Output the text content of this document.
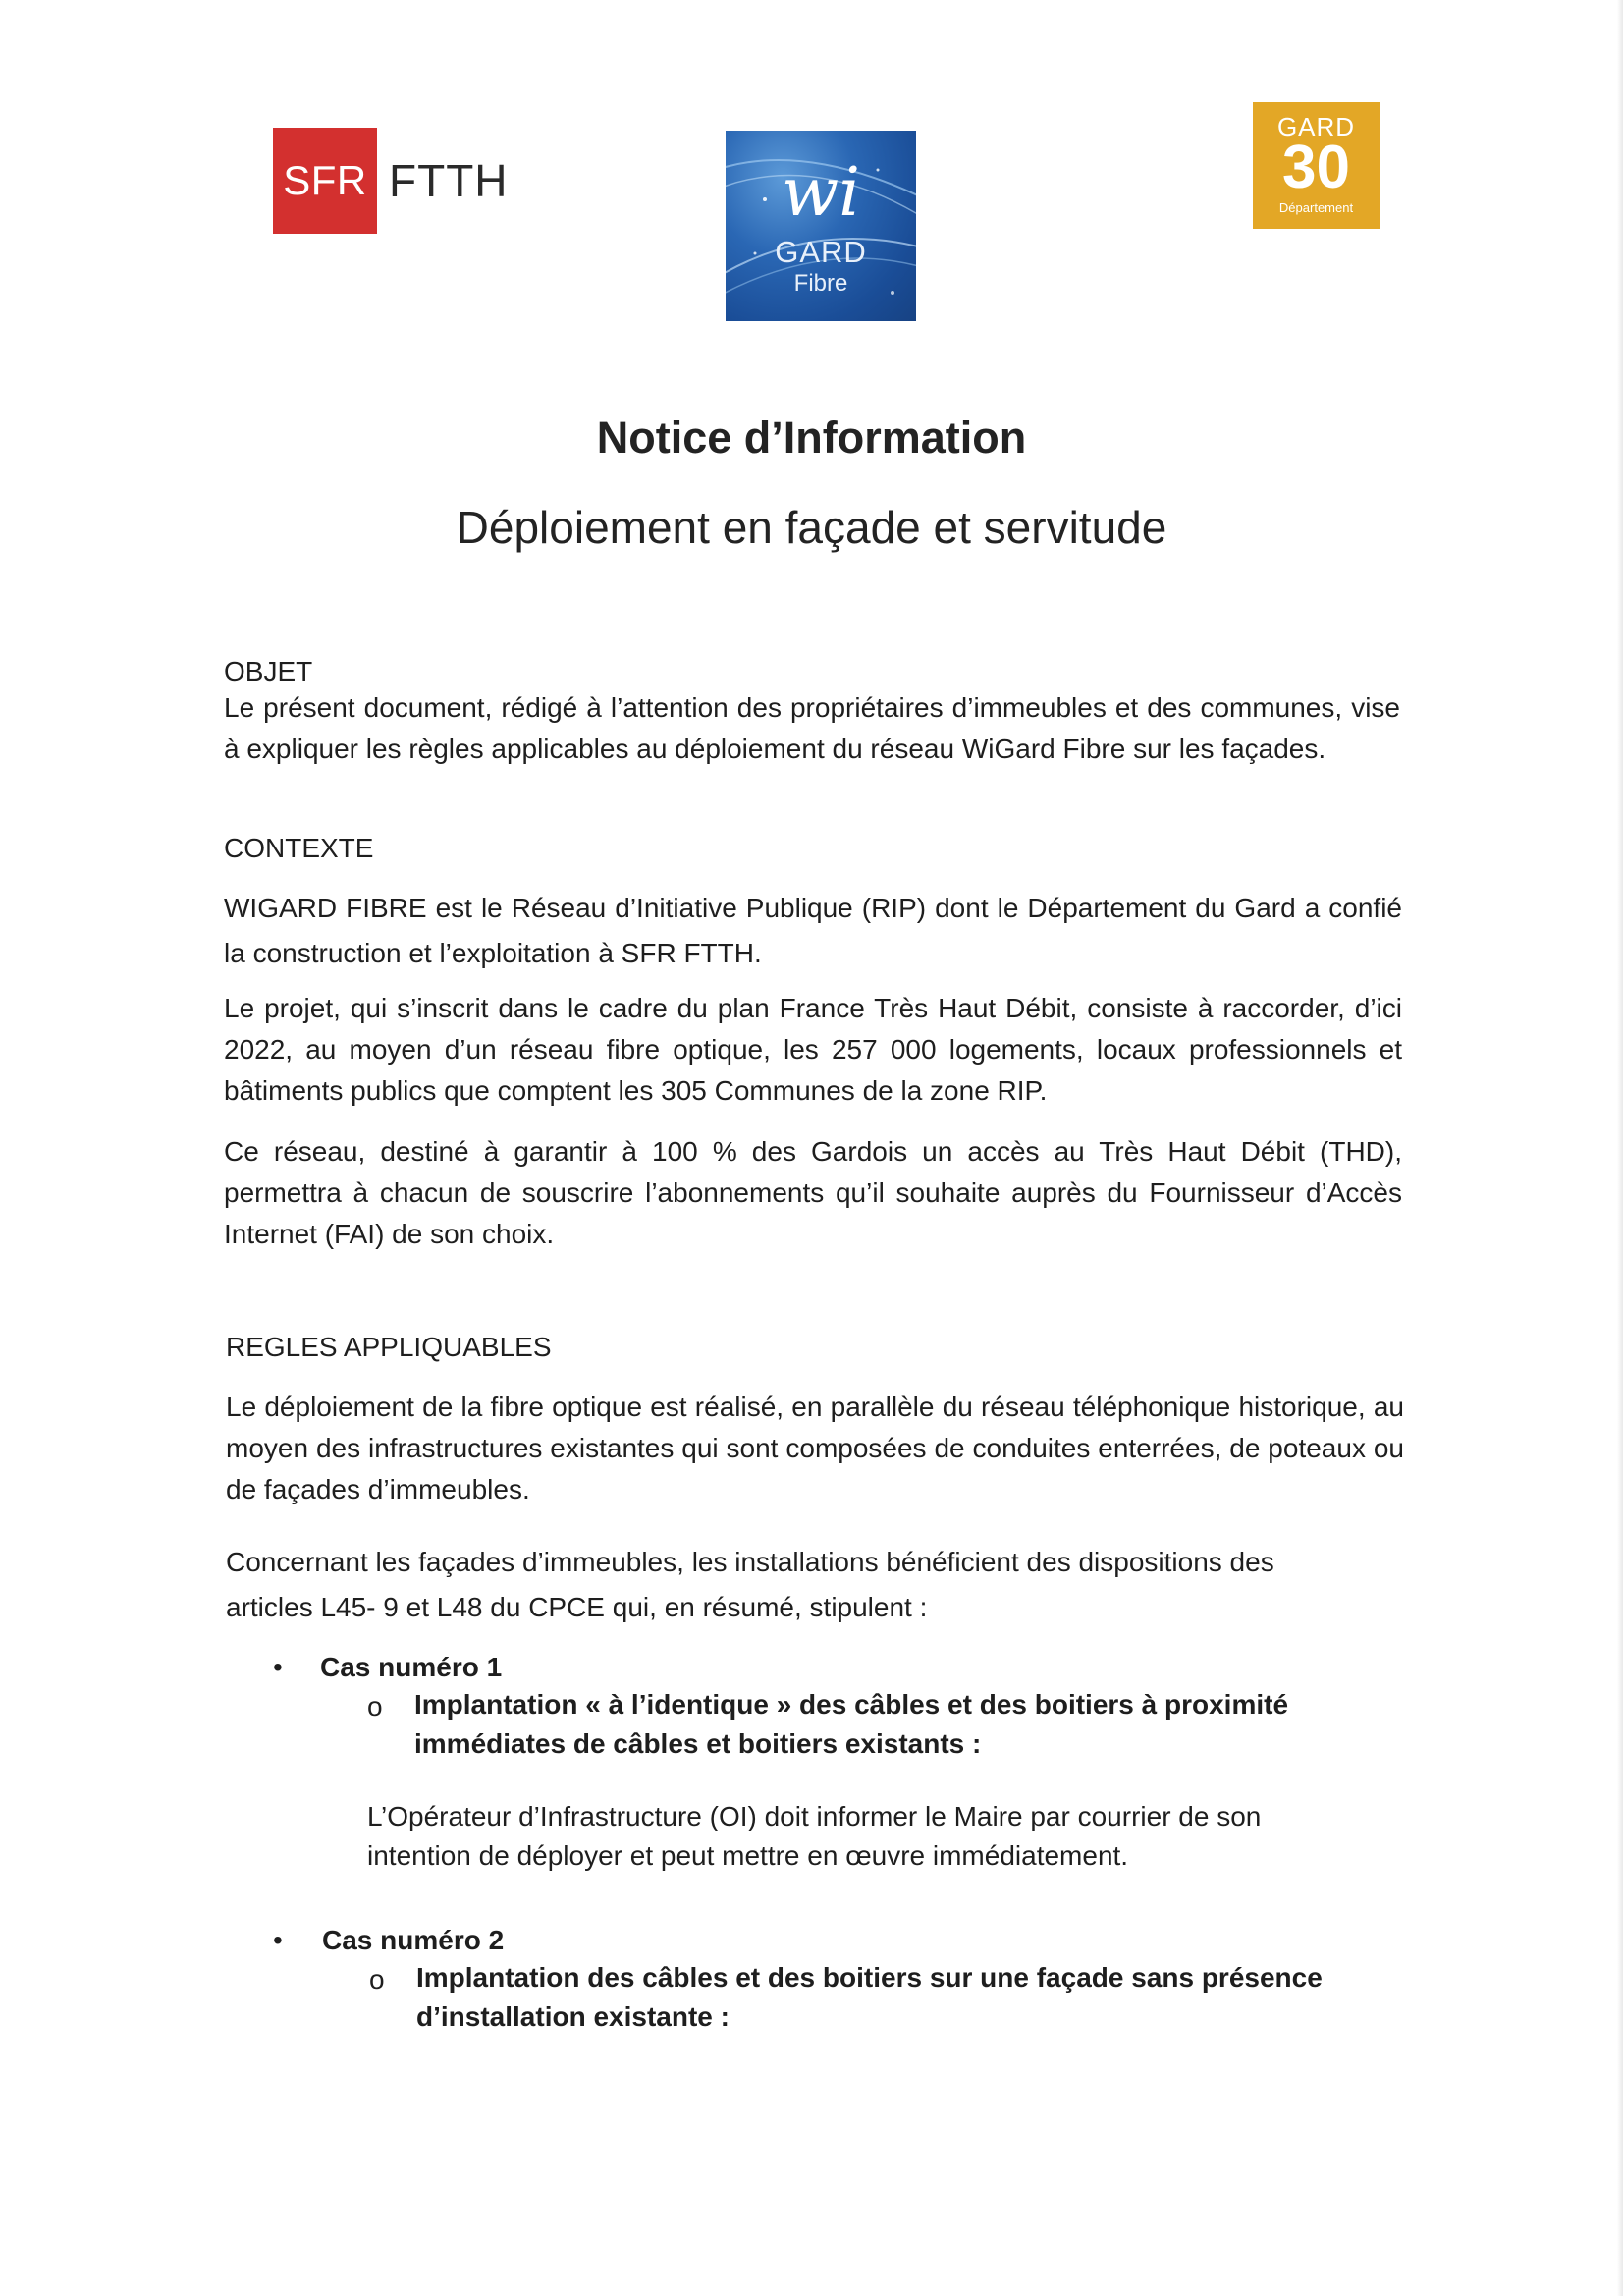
SFR FTTH	wi
GARD
Fibre
GARD
30
Département
Notice d’Information
Déploiement en façade et servitude
OBJET
Le présent document, rédigé à l’attention des propriétaires d’immeubles et des communes, vise à expliquer les règles applicables au déploiement du réseau WiGard Fibre sur les façades.
CONTEXTE
WIGARD FIBRE est le Réseau d’Initiative Publique (RIP) dont le Département du Gard a confié la construction et l’exploitation à SFR FTTH.
Le projet, qui s’inscrit dans le cadre du plan France Très Haut Débit, consiste à raccorder, d’ici 2022, au moyen d’un réseau fibre optique, les 257 000 logements, locaux professionnels et bâtiments publics que comptent les 305 Communes de la zone RIP.
Ce réseau, destiné à garantir à 100 % des Gardois un accès au Très Haut Débit (THD), permettra à chacun de souscrire l’abonnements qu’il souhaite auprès du Fournisseur d’Accès Internet (FAI) de son choix.
REGLES APPLIQUABLES
Le déploiement de la fibre optique est réalisé, en parallèle du réseau téléphonique historique, au moyen des infrastructures existantes qui sont composées de conduites enterrées, de poteaux ou de façades d’immeubles.
Concernant les façades d’immeubles, les installations bénéficient des dispositions des articles L45- 9 et L48 du CPCE qui, en résumé, stipulent :
• Cas numéro 1
o Implantation « à l’identique » des câbles et des boitiers à proximité immédiates de câbles et boitiers existants :
L’Opérateur d’Infrastructure (OI) doit informer le Maire par courrier de son intention de déployer et peut mettre en œuvre immédiatement.
• Cas numéro 2
o Implantation des câbles et des boitiers sur une façade sans présence d’installation existante :
